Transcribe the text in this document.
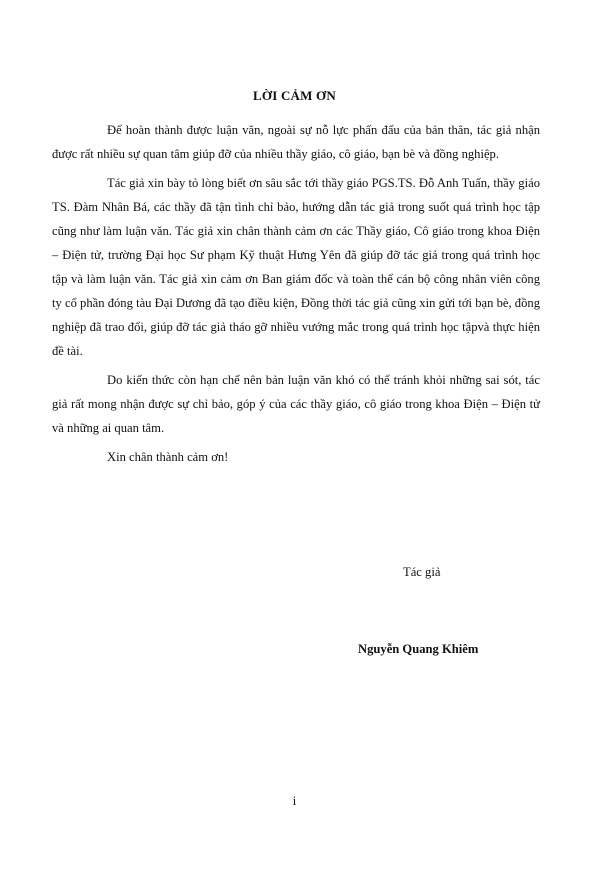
LỜI CẢM ƠN

Để hoàn thành được luận văn, ngoài sự nỗ lực phấn đấu của bản thân, tác giả nhận được rất nhiều sự quan tâm giúp đỡ của nhiều thầy giáo, cô giáo, bạn bè và đồng nghiệp.

Tác giả xin bày tỏ lòng biết ơn sâu sắc tới thầy giáo PGS.TS. Đỗ Anh Tuấn, thầy giáo TS. Đàm Nhân Bá, các thầy đã tận tình chỉ bảo, hướng dẫn tác giả trong suốt quá trình học tập cũng như làm luận văn. Tác giả xin chân thành cảm ơn các Thầy giáo, Cô giáo trong khoa Điện – Điện tử, trường Đại học Sư phạm Kỹ thuật Hưng Yên đã giúp đỡ tác giả trong quá trình học tập và làm luận văn. Tác giả xin cảm ơn Ban giám đốc và toàn thể cán bộ công nhân viên công ty cổ phần đóng tàu Đại Dương đã tạo điều kiện, Đồng thời tác giả cũng xin gửi tới bạn bè, đồng nghiệp đã trao đổi, giúp đỡ tác giả tháo gỡ nhiều vướng mắc trong quá trình học tậpvà thực hiện đề tài.

Do kiến thức còn hạn chế nên bản luận văn khó có thể tránh khỏi những sai sót, tác giả rất mong nhận được sự chỉ bảo, góp ý của các thầy giáo, cô giáo trong khoa Điện – Điện tử và những ai quan tâm.

Xin chân thành cảm ơn!

Tác giả
Nguyễn Quang Khiêm
i
